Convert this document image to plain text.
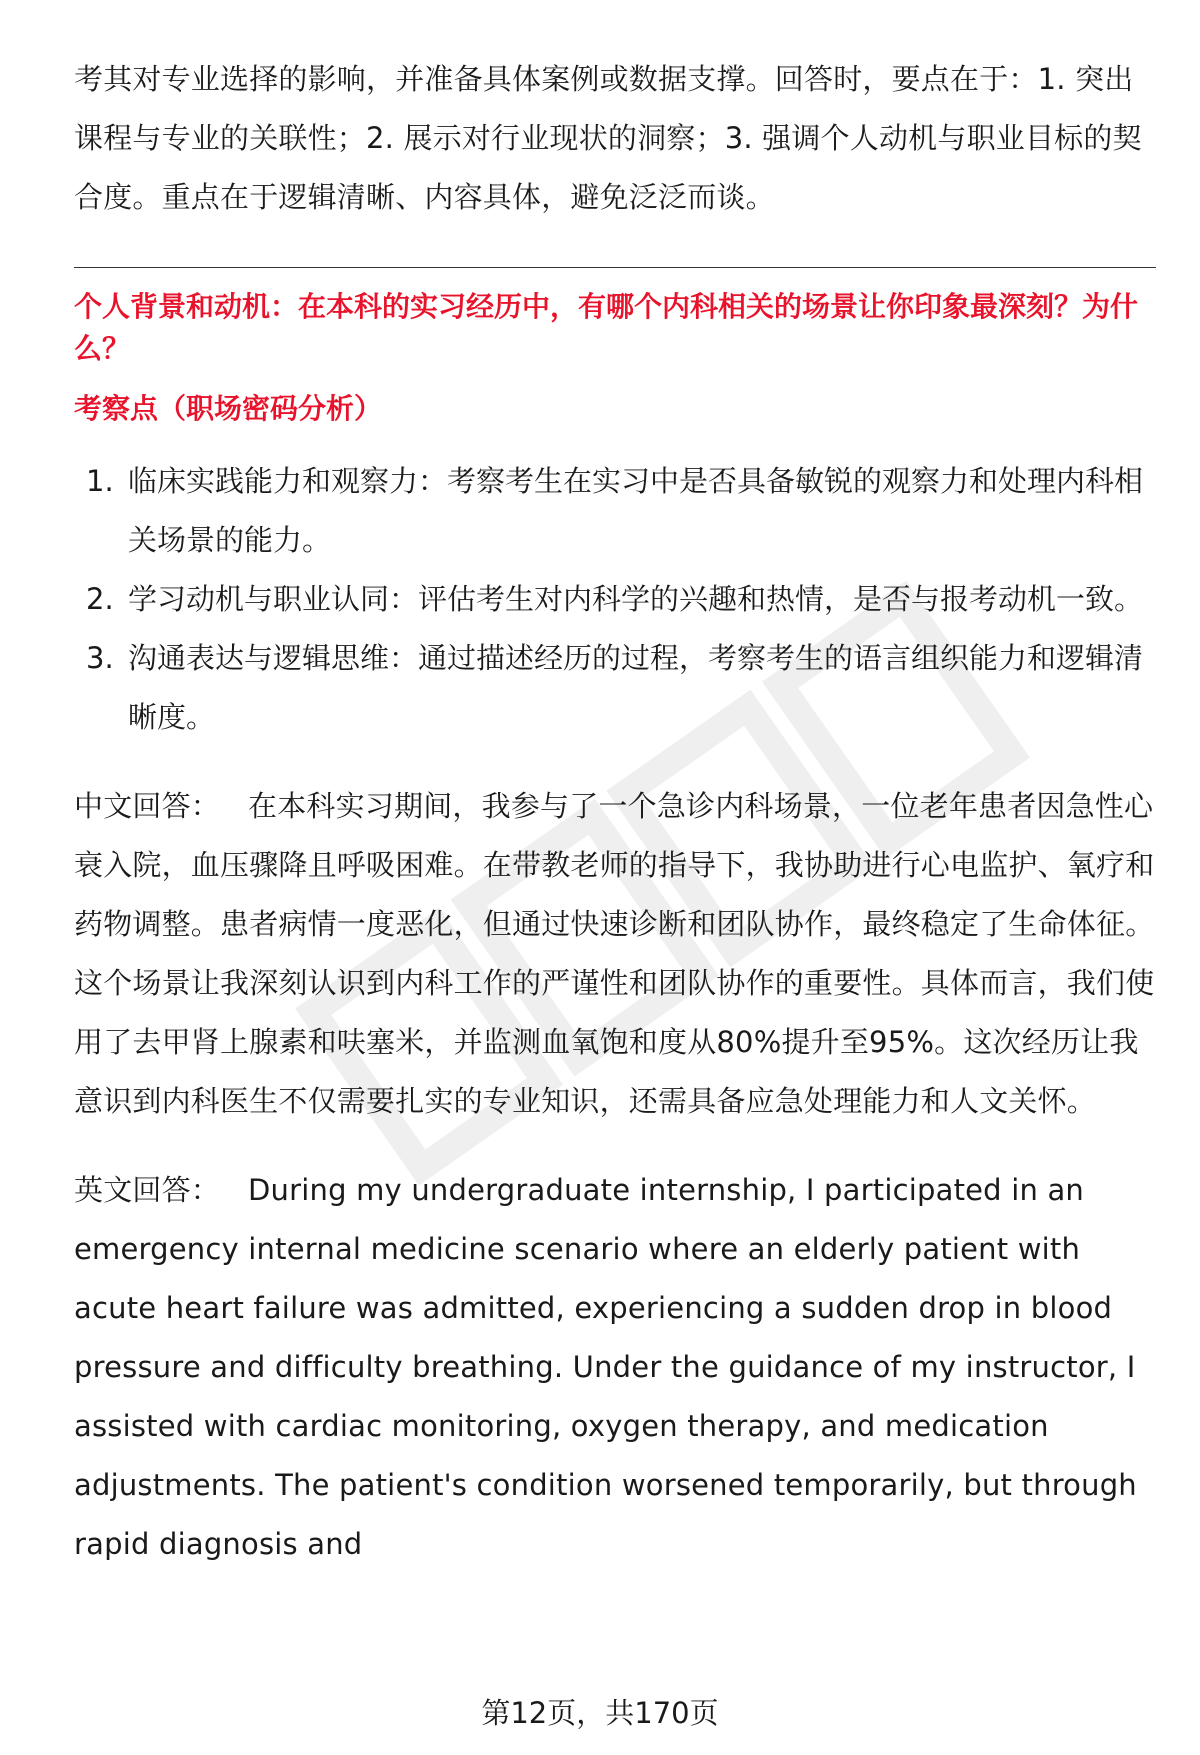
考其对专业选择的影响，并准备具体案例或数据支撑。回答时，要点在于：1. 突出课程与专业的关联性；2. 展示对行业现状的洞察；3. 强调个人动机与职业目标的契合度。重点在于逻辑清晰、内容具体，避免泛泛而谈。

个人背景和动机：在本科的实习经历中，有哪个内科相关的场景让你印象最深刻？为什么？

考察点（职场密码分析）

1. 临床实践能力和观察力：考察考生在实习中是否具备敏锐的观察力和处理内科相关场景的能力。
2. 学习动机与职业认同：评估考生对内科学的兴趣和热情，是否与报考动机一致。
3. 沟通表达与逻辑思维：通过描述经历的过程，考察考生的语言组织能力和逻辑清晰度。

中文回答： 在本科实习期间，我参与了一个急诊内科场景，一位老年患者因急性心衰入院，血压骤降且呼吸困难。在带教老师的指导下，我协助进行心电监护、氧疗和药物调整。患者病情一度恶化，但通过快速诊断和团队协作，最终稳定了生命体征。这个场景让我深刻认识到内科工作的严谨性和团队协作的重要性。具体而言，我们使用了去甲肾上腺素和呋塞米，并监测血氧饱和度从80%提升至95%。这次经历让我意识到内科医生不仅需要扎实的专业知识，还需具备应急处理能力和人文关怀。

英文回答： During my undergraduate internship, I participated in an emergency internal medicine scenario where an elderly patient with acute heart failure was admitted, experiencing a sudden drop in blood pressure and difficulty breathing. Under the guidance of my instructor, I assisted with cardiac monitoring, oxygen therapy, and medication adjustments. The patient's condition worsened temporarily, but through rapid diagnosis and

第12页，共170页
